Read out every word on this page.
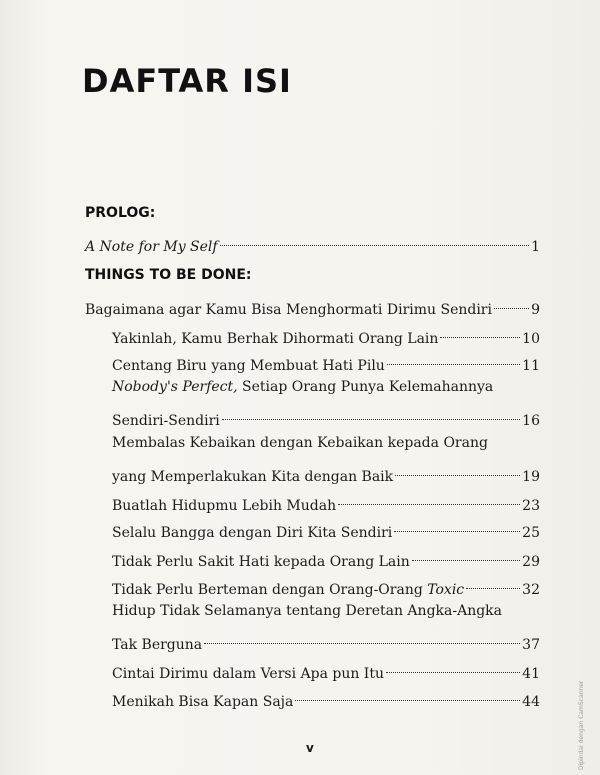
DAFTAR ISI
PROLOG:
A Note for My Self	1
THINGS TO BE DONE:
Bagaimana agar Kamu Bisa Menghormati Dirimu Sendiri	9
Yakinlah, Kamu Berhak Dihormati Orang Lain	10
Centang Biru yang Membuat Hati Pilu	11
Nobody's Perfect, Setiap Orang Punya Kelemahannya
Sendiri-Sendiri	16
Membalas Kebaikan dengan Kebaikan kepada Orang
yang Memperlakukan Kita dengan Baik	19
Buatlah Hidupmu Lebih Mudah	23
Selalu Bangga dengan Diri Kita Sendiri	25
Tidak Perlu Sakit Hati kepada Orang Lain	29
Tidak Perlu Berteman dengan Orang-Orang Toxic	32
Hidup Tidak Selamanya tentang Deretan Angka-Angka
Tak Berguna	37
Cintai Dirimu dalam Versi Apa pun Itu	41
Menikah Bisa Kapan Saja	44
v	Dipindai dengan CamScanner
